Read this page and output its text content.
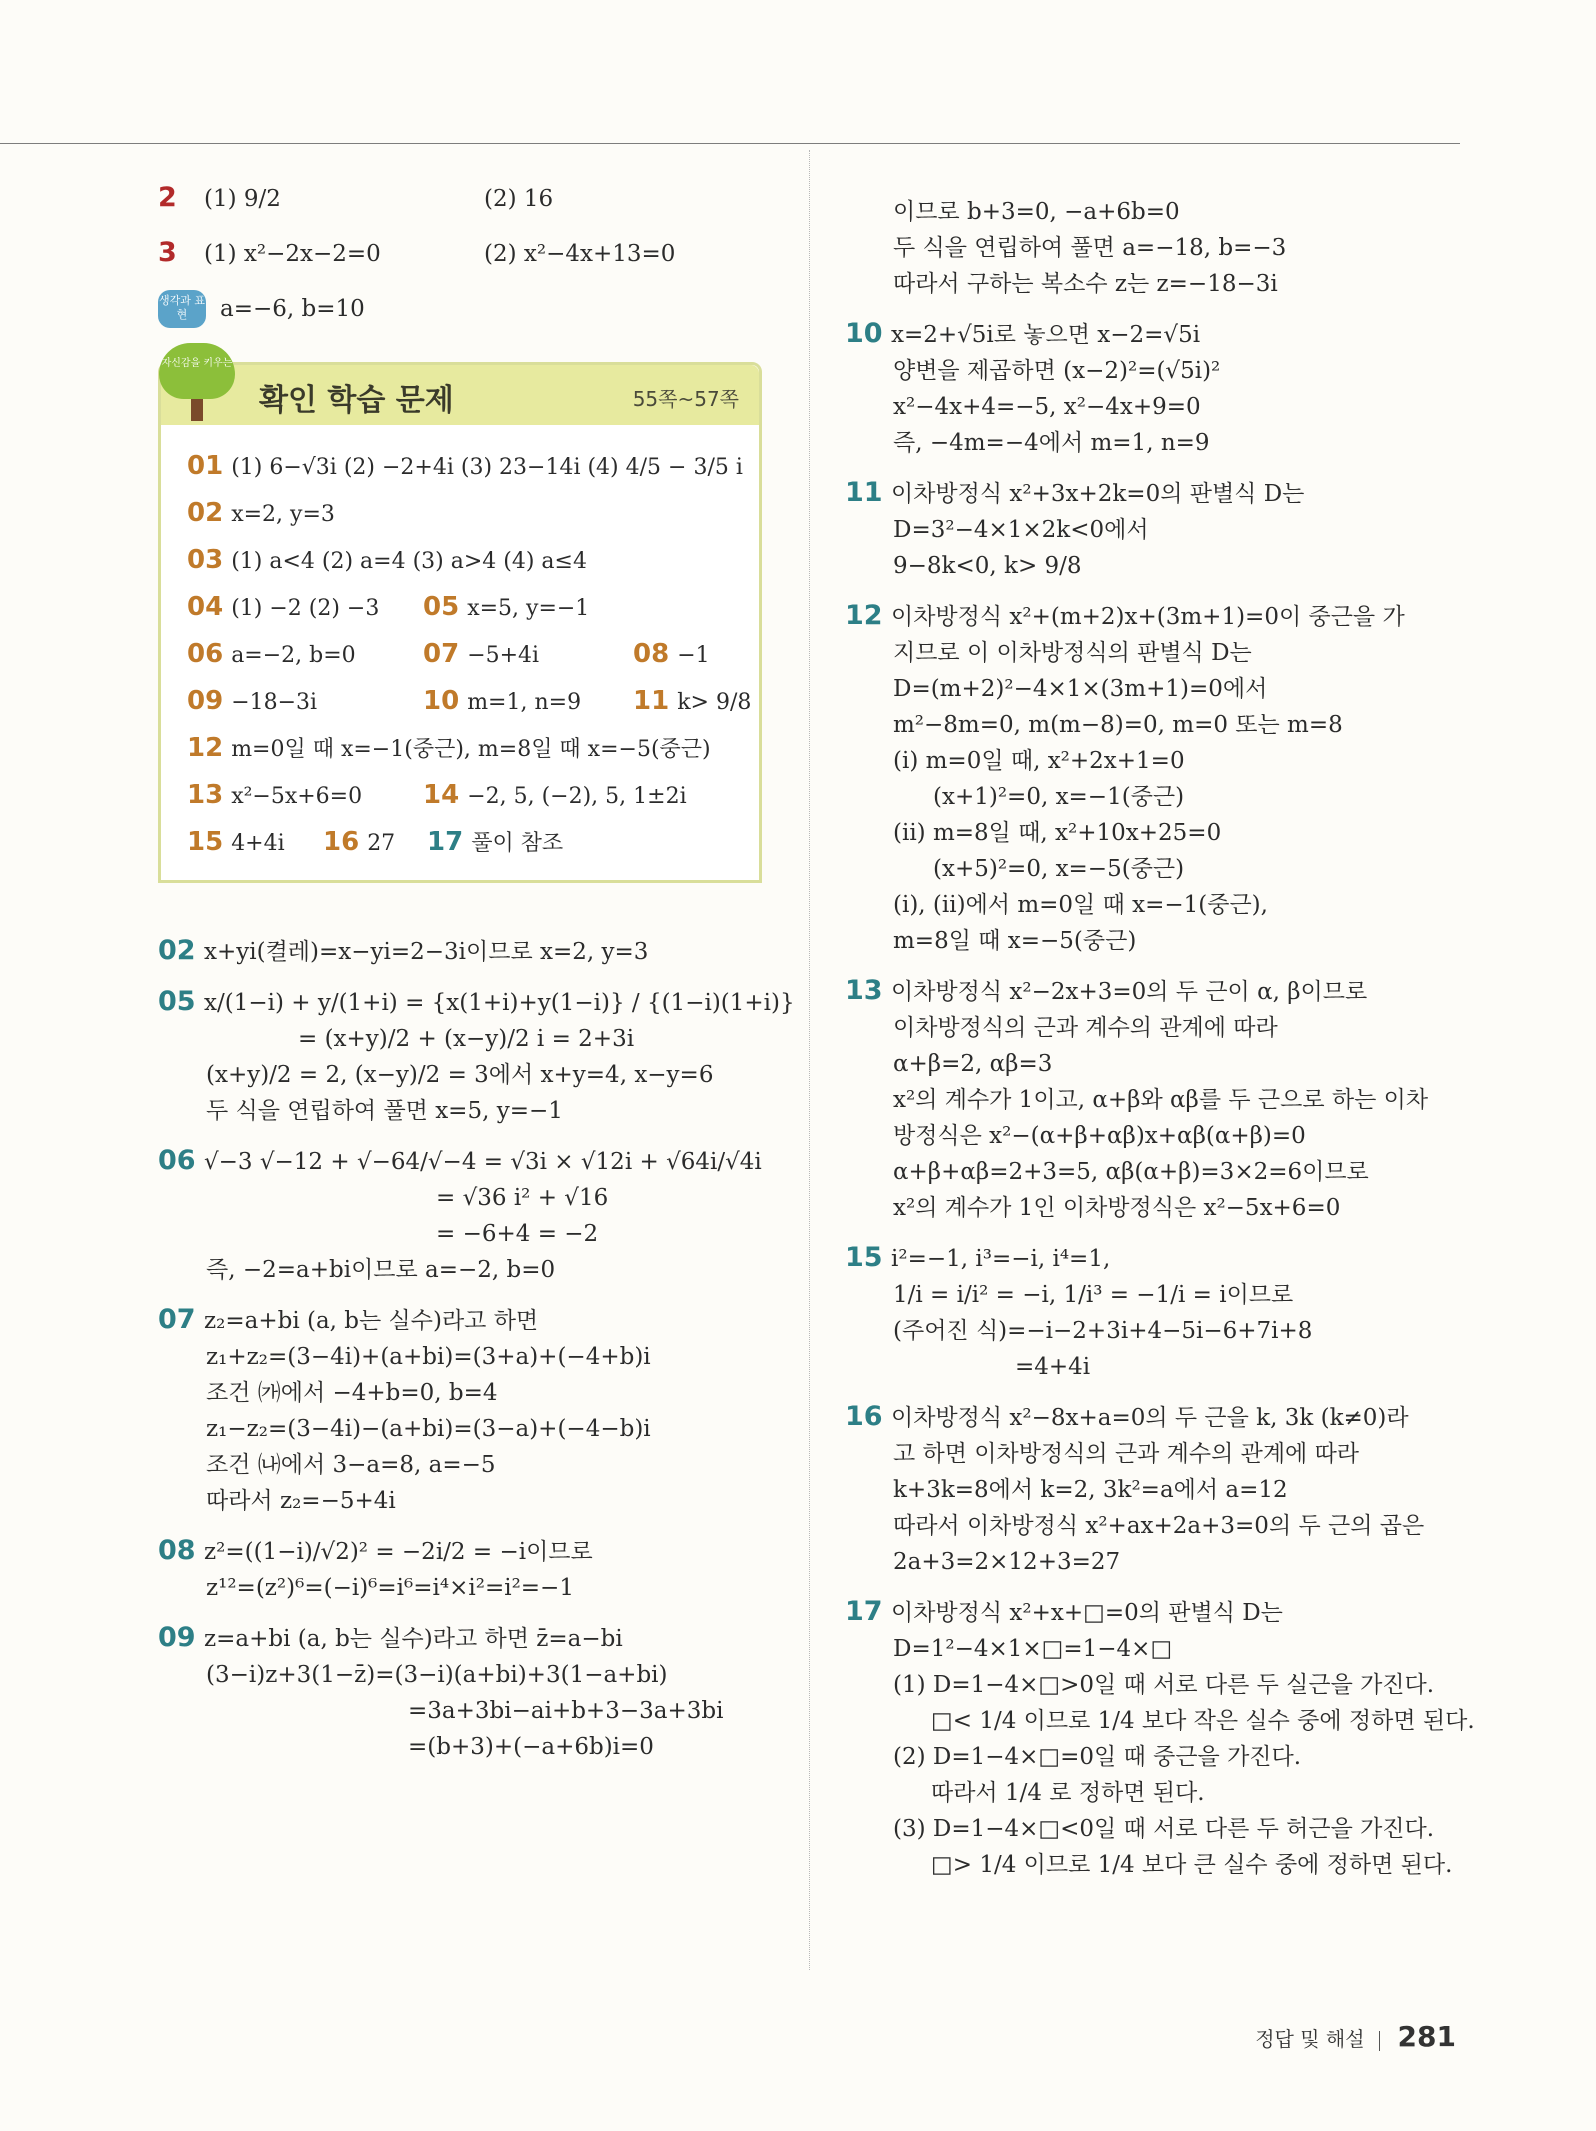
2 (1) 9/2	(2) 16
3 (1) x²−2x−2=0	(2) x²−4x+13=0
생각과 표현	a=−6, b=10
자신감을 키우는
확인 학습 문제	55쪽~57쪽
01 (1) 6−√3i (2) −2+4i (3) 23−14i (4) 4/5 − 3/5 i
02 x=2, y=3
03 (1) a<4 (2) a=4 (3) a>4 (4) a≤4
04 (1) −2 (2) −3 05 x=5, y=−1
06 a=−2, b=0	07 −5+4i	08 −1
09 −18−3i	10 m=1, n=9 11 k> 9/8
12 m=0일 때 x=−1(중근), m=8일 때 x=−5(중근)
13 x²−5x+6=0 14 −2, 5, (−2), 5, 1±2i
15 4+4i 16 27 17 풀이 참조
02 x+yi(켤레)=x−yi=2−3i이므로 x=2, y=3
05 x/(1−i) + y/(1+i) = {x(1+i)+y(1−i)} / {(1−i)(1+i)}
= (x+y)/2 + (x−y)/2 i = 2+3i
(x+y)/2 = 2, (x−y)/2 = 3에서 x+y=4, x−y=6
두 식을 연립하여 풀면 x=5, y=−1
06 √−3 √−12 + √−64/√−4 = √3i × √12i + √64i/√4i
= √36 i² + √16
= −6+4 = −2
즉, −2=a+bi이므로 a=−2, b=0
07 z₂=a+bi (a, b는 실수)라고 하면
z₁+z₂=(3−4i)+(a+bi)=(3+a)+(−4+b)i
조건 ㈎에서 −4+b=0, b=4
z₁−z₂=(3−4i)−(a+bi)=(3−a)+(−4−b)i
조건 ㈏에서 3−a=8, a=−5
따라서 z₂=−5+4i
08 z²=((1−i)/√2)² = −2i/2 = −i이므로
z¹²=(z²)⁶=(−i)⁶=i⁶=i⁴×i²=i²=−1
09 z=a+bi (a, b는 실수)라고 하면 z̄=a−bi
(3−i)z+3(1−z̄)=(3−i)(a+bi)+3(1−a+bi)
=3a+3bi−ai+b+3−3a+3bi
=(b+3)+(−a+6b)i=0
이므로 b+3=0, −a+6b=0
두 식을 연립하여 풀면 a=−18, b=−3
따라서 구하는 복소수 z는 z=−18−3i
10 x=2+√5i로 놓으면 x−2=√5i
양변을 제곱하면 (x−2)²=(√5i)²
x²−4x+4=−5, x²−4x+9=0
즉, −4m=−4에서 m=1, n=9
11 이차방정식 x²+3x+2k=0의 판별식 D는
D=3²−4×1×2k<0에서
9−8k<0, k> 9/8
12 이차방정식 x²+(m+2)x+(3m+1)=0이 중근을 가
지므로 이 이차방정식의 판별식 D는
D=(m+2)²−4×1×(3m+1)=0에서
m²−8m=0, m(m−8)=0, m=0 또는 m=8
(ⅰ) m=0일 때, x²+2x+1=0
(x+1)²=0, x=−1(중근)
(ⅱ) m=8일 때, x²+10x+25=0
(x+5)²=0, x=−5(중근)
(ⅰ), (ⅱ)에서 m=0일 때 x=−1(중근),
m=8일 때 x=−5(중근)
13 이차방정식 x²−2x+3=0의 두 근이 α, β이므로
이차방정식의 근과 계수의 관계에 따라
α+β=2, αβ=3
x²의 계수가 1이고, α+β와 αβ를 두 근으로 하는 이차
방정식은 x²−(α+β+αβ)x+αβ(α+β)=0
α+β+αβ=2+3=5, αβ(α+β)=3×2=6이므로
x²의 계수가 1인 이차방정식은 x²−5x+6=0
15 i²=−1, i³=−i, i⁴=1,
1/i = i/i² = −i, 1/i³ = −1/i = i이므로
(주어진 식)=−i−2+3i+4−5i−6+7i+8
=4+4i
16 이차방정식 x²−8x+a=0의 두 근을 k, 3k (k≠0)라
고 하면 이차방정식의 근과 계수의 관계에 따라
k+3k=8에서 k=2, 3k²=a에서 a=12
따라서 이차방정식 x²+ax+2a+3=0의 두 근의 곱은
2a+3=2×12+3=27
17 이차방정식 x²+x+□=0의 판별식 D는
D=1²−4×1×□=1−4×□
(1) D=1−4×□>0일 때 서로 다른 두 실근을 가진다.
□< 1/4 이므로 1/4 보다 작은 실수 중에 정하면 된다.
(2) D=1−4×□=0일 때 중근을 가진다.
따라서 1/4 로 정하면 된다.
(3) D=1−4×□<0일 때 서로 다른 두 허근을 가진다.
□> 1/4 이므로 1/4 보다 큰 실수 중에 정하면 된다.
정답 및 해설 281
